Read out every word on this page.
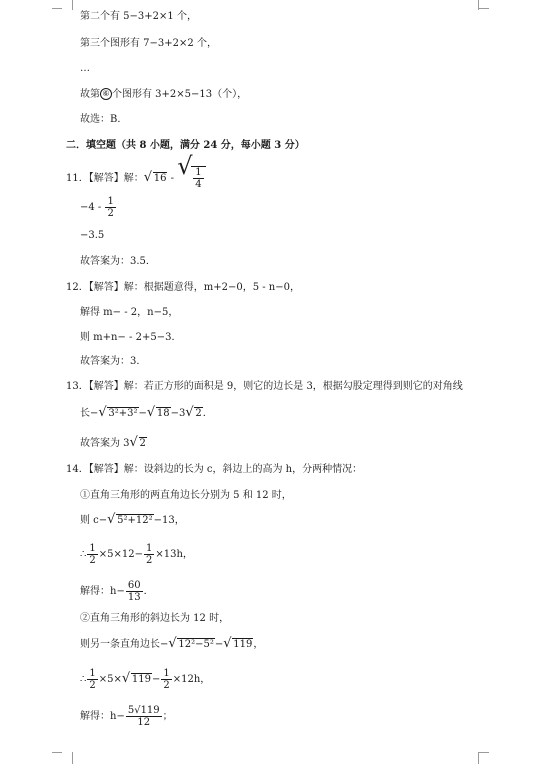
第二个有 5−3+2×1 个，
第三个图形有 7−3+2×2 个，
…
故第 ⑥ 个图形有 3+2×5−13（个），
故选：B．
二．填空题（共 8 小题，满分 24 分，每小题 3 分）
11．【解答】解： √ 16 - √ $\frac{1}{4}$
$-4 - \frac{1}{2}$
−3.5
故答案为：3.5．
12．【解答】解：根据题意得，m+2−0，5 - n−0，
解得 m− - 2，n−5，
则 m+n− - 2+5−3．
故答案为：3．
13．【解答】解：若正方形的面积是 9，则它的边长是 3，根据勾股定理得到则它的对角线
长− √ 3²+3²− √ 18−3 √ 2．
故答案为 3 √ 2
14．【解答】解：设斜边的长为 c，斜边上的高为 h，分两种情况：
①直角三角形的两直角边长分别为 5 和 12 时，
则 c− √ 5²+12²−13，
∴ $\frac{1}{2} \times 5\times 12- \frac{1}{2} \times 13h$，
解得：$h- \frac{60}{13}$ ．
②直角三角形的斜边长为 12 时，
则另一条直角边长− √ 12²−5²− √ 119，
∴ $\frac{1}{2} \times 5\times$ √ $119- \frac{1}{2} \times 12h$，
解得：$h- \frac{5√119}{12}$ ；
